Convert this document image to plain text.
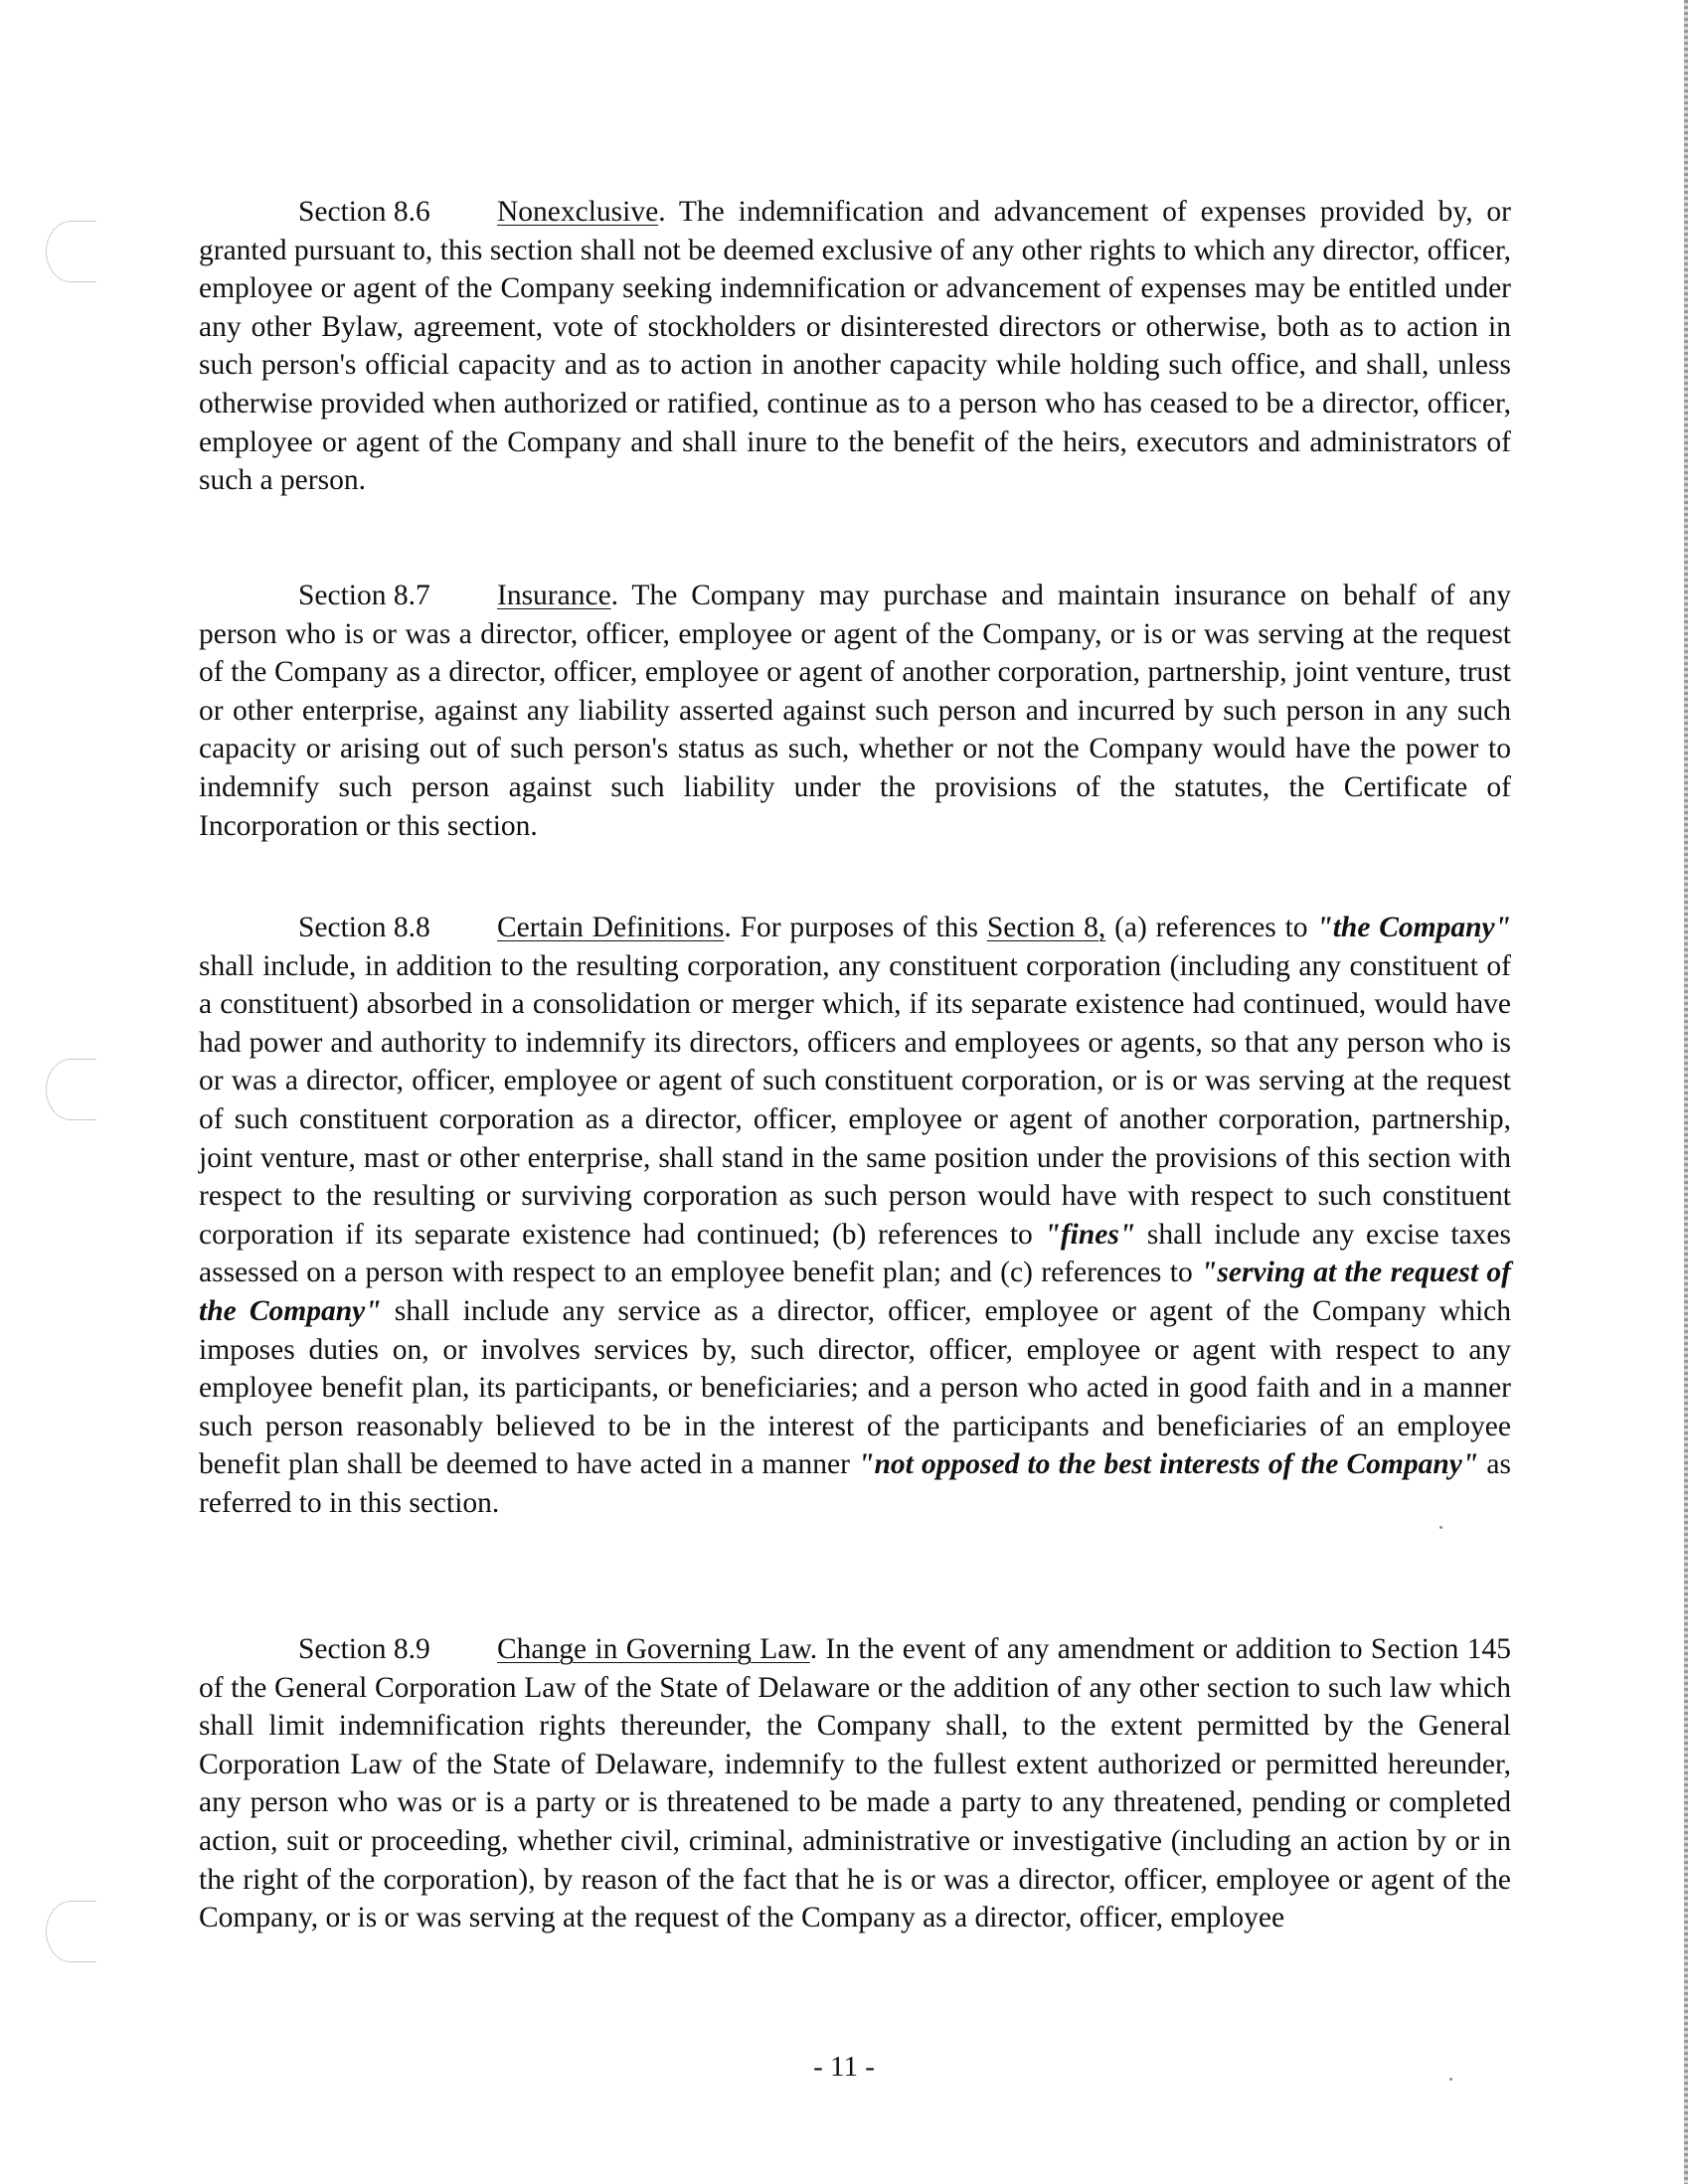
Section 8.6 Nonexclusive. The indemnification and advancement of expenses provided by, or granted pursuant to, this section shall not be deemed exclusive of any other rights to which any director, officer, employee or agent of the Company seeking indemnification or advancement of expenses may be entitled under any other Bylaw, agreement, vote of stockholders or disinterested directors or otherwise, both as to action in such person's official capacity and as to action in another capacity while holding such office, and shall, unless otherwise provided when authorized or ratified, continue as to a person who has ceased to be a director, officer, employee or agent of the Company and shall inure to the benefit of the heirs, executors and administrators of such a person.

Section 8.7 Insurance. The Company may purchase and maintain insurance on behalf of any person who is or was a director, officer, employee or agent of the Company, or is or was serving at the request of the Company as a director, officer, employee or agent of another corporation, partnership, joint venture, trust or other enterprise, against any liability asserted against such person and incurred by such person in any such capacity or arising out of such person's status as such, whether or not the Company would have the power to indemnify such person against such liability under the provisions of the statutes, the Certificate of Incorporation or this section.

Section 8.8 Certain Definitions. For purposes of this Section 8, (a) references to "the Company" shall include, in addition to the resulting corporation, any constituent corporation (including any constituent of a constituent) absorbed in a consolidation or merger which, if its separate existence had continued, would have had power and authority to indemnify its directors, officers and employees or agents, so that any person who is or was a director, officer, employee or agent of such constituent corporation, or is or was serving at the request of such constituent corporation as a director, officer, employee or agent of another corporation, partnership, joint venture, mast or other enterprise, shall stand in the same position under the provisions of this section with respect to the resulting or surviving corporation as such person would have with respect to such constituent corporation if its separate existence had continued; (b) references to "fines" shall include any excise taxes assessed on a person with respect to an employee benefit plan; and (c) references to "serving at the request of the Company" shall include any service as a director, officer, employee or agent of the Company which imposes duties on, or involves services by, such director, officer, employee or agent with respect to any employee benefit plan, its participants, or beneficiaries; and a person who acted in good faith and in a manner such person reasonably believed to be in the interest of the participants and beneficiaries of an employee benefit plan shall be deemed to have acted in a manner "not opposed to the best interests of the Company" as referred to in this section.

Section 8.9 Change in Governing Law. In the event of any amendment or addition to Section 145 of the General Corporation Law of the State of Delaware or the addition of any other section to such law which shall limit indemnification rights thereunder, the Company shall, to the extent permitted by the General Corporation Law of the State of Delaware, indemnify to the fullest extent authorized or permitted hereunder, any person who was or is a party or is threatened to be made a party to any threatened, pending or completed action, suit or proceeding, whether civil, criminal, administrative or investigative (including an action by or in the right of the corporation), by reason of the fact that he is or was a director, officer, employee or agent of the Company, or is or was serving at the request of the Company as a director, officer, employee

- 11 -
